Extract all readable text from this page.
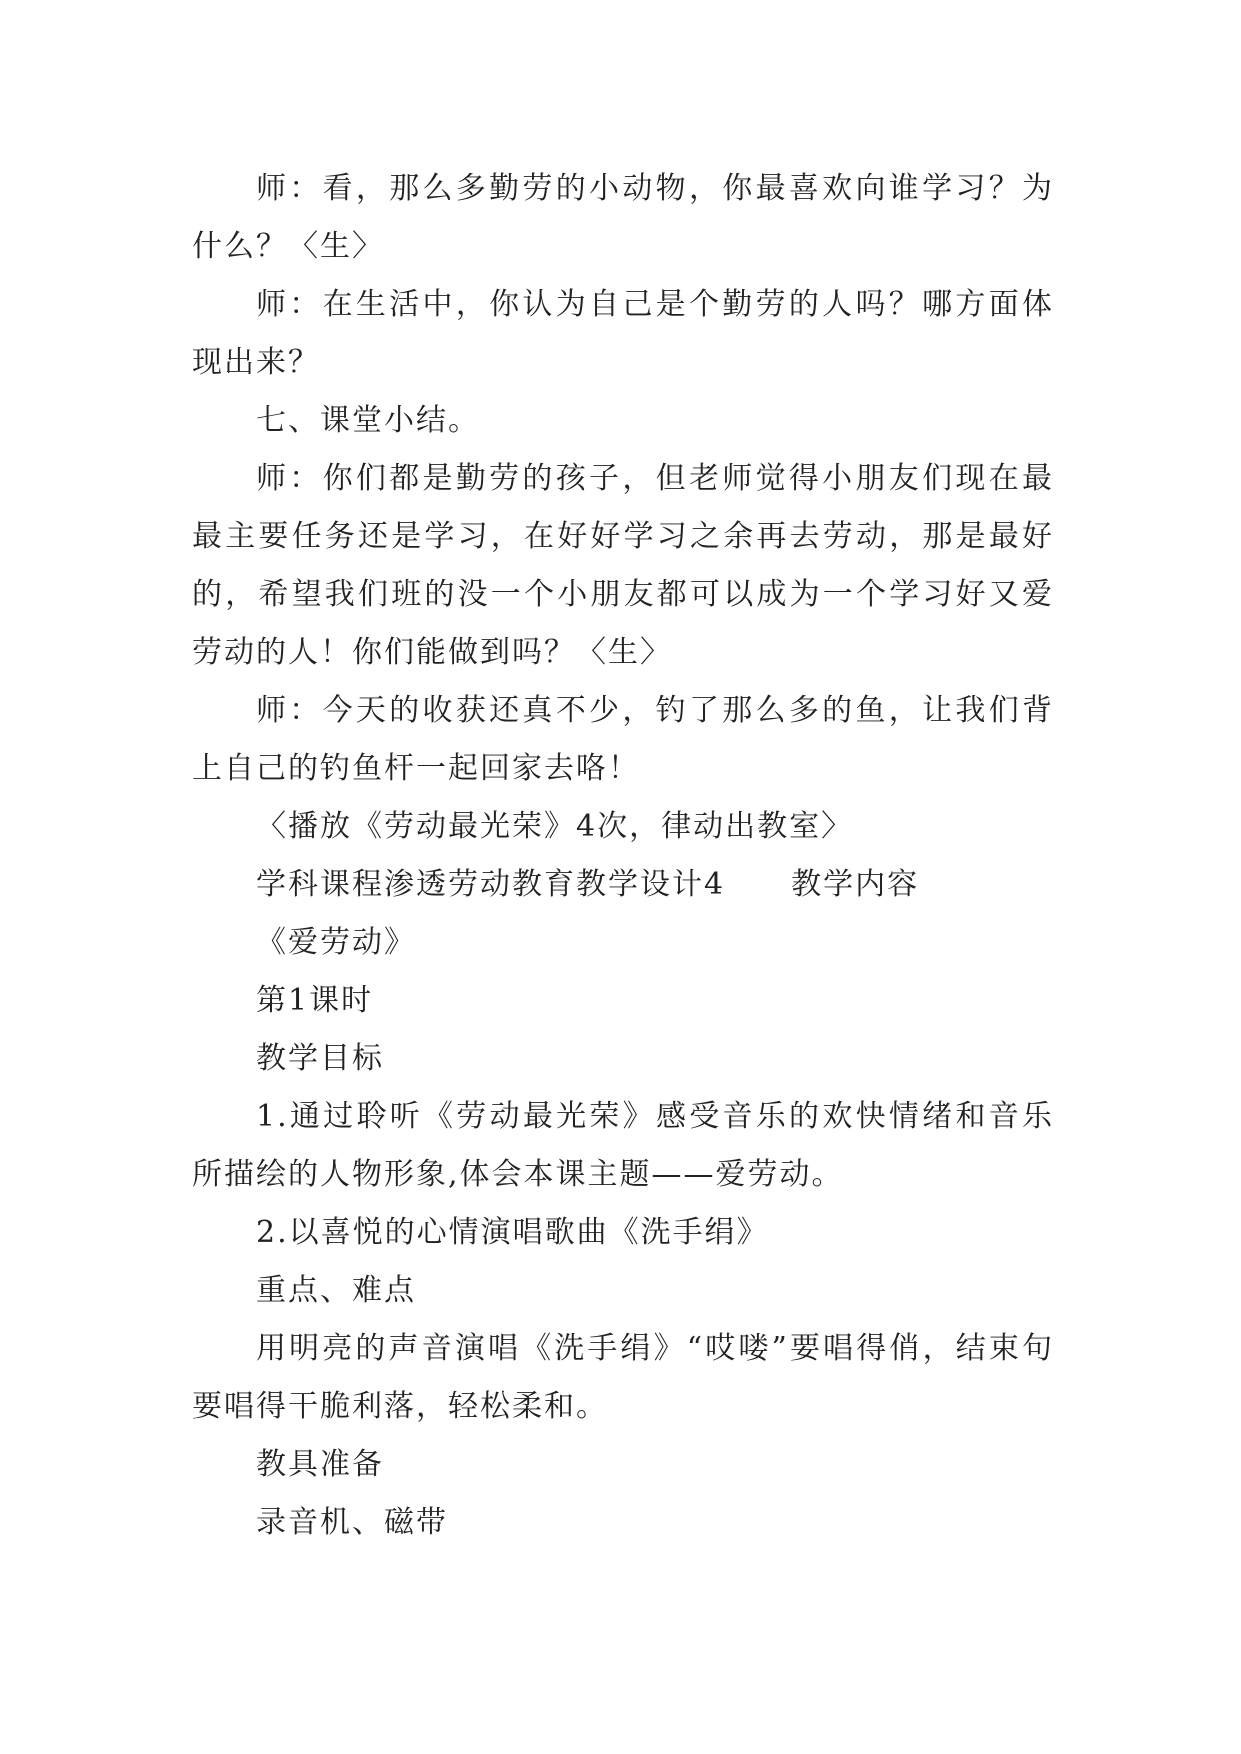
师：看，那么多勤劳的小动物，你最喜欢向谁学习？为什么？〈生〉

师：在生活中，你认为自己是个勤劳的人吗？哪方面体现出来？

七、课堂小结。

师：你们都是勤劳的孩子，但老师觉得小朋友们现在最最主要任务还是学习，在好好学习之余再去劳动，那是最好的，希望我们班的没一个小朋友都可以成为一个学习好又爱劳动的人！你们能做到吗？〈生〉

师：今天的收获还真不少，钓了那么多的鱼，让我们背上自己的钓鱼杆一起回家去咯！

〈播放《劳动最光荣》4次，律动出教室〉

学科课程渗透劳动教育教学设计4 教学内容

《爱劳动》

第1课时

教学目标

1.通过聆听《劳动最光荣》感受音乐的欢快情绪和音乐所描绘的人物形象,体会本课主题——爱劳动。

2.以喜悦的心情演唱歌曲《洗手绢》

重点、难点

用明亮的声音演唱《洗手绢》“哎喽”要唱得俏，结束句要唱得干脆利落，轻松柔和。

教具准备

录音机、磁带
